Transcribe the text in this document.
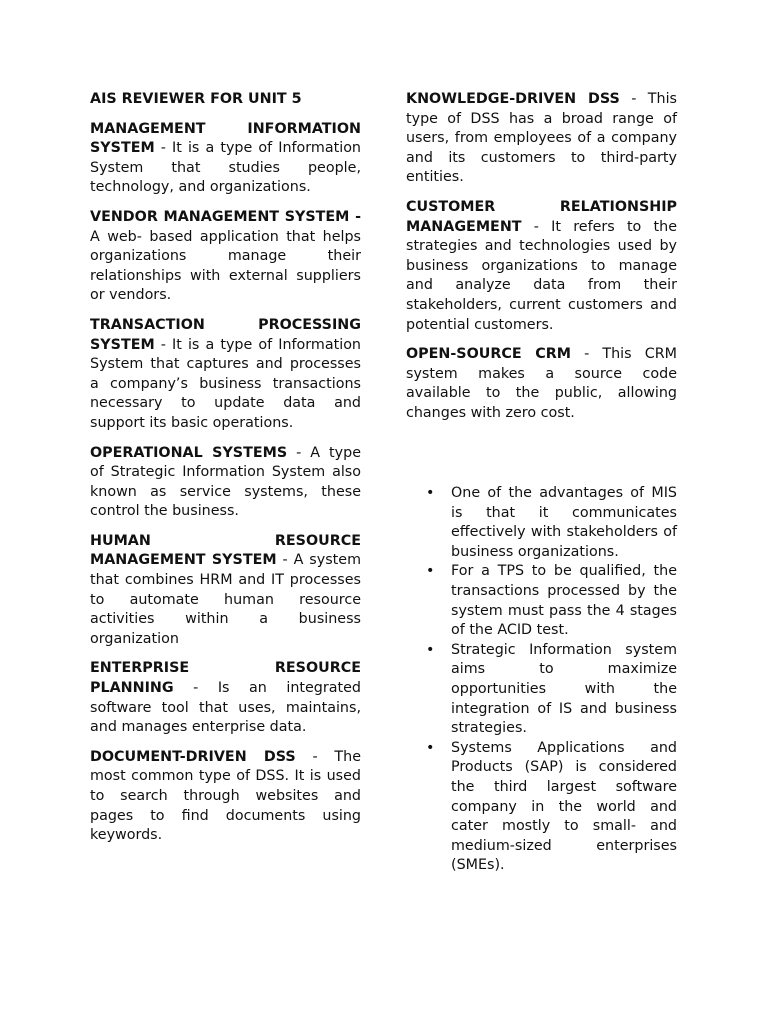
AIS REVIEWER FOR UNIT 5
MANAGEMENT INFORMATION SYSTEM - It is a type of Information System that studies people, technology, and organizations.
VENDOR MANAGEMENT SYSTEM - A web- based application that helps organizations manage their relationships with external suppliers or vendors.
TRANSACTION PROCESSING SYSTEM - It is a type of Information System that captures and processes a company’s business transactions necessary to update data and support its basic operations.
OPERATIONAL SYSTEMS - A type of Strategic Information System also known as service systems, these control the business.
HUMAN RESOURCE MANAGEMENT SYSTEM - A system that combines HRM and IT processes to automate human resource activities within a business organization
ENTERPRISE RESOURCE PLANNING - Is an integrated software tool that uses, maintains, and manages enterprise data.
DOCUMENT-DRIVEN DSS - The most common type of DSS. It is used to search through websites and pages to find documents using keywords.
KNOWLEDGE-DRIVEN DSS - This type of DSS has a broad range of users, from employees of a company and its customers to third-party entities.
CUSTOMER RELATIONSHIP MANAGEMENT - It refers to the strategies and technologies used by business organizations to manage and analyze data from their stakeholders, current customers and potential customers.
OPEN-SOURCE CRM - This CRM system makes a source code available to the public, allowing changes with zero cost.
• One of the advantages of MIS is that it communicates effectively with stakeholders of business organizations.
• For a TPS to be qualified, the transactions processed by the system must pass the 4 stages of the ACID test.
• Strategic Information system aims to maximize opportunities with the integration of IS and business strategies.
• Systems Applications and Products (SAP) is considered the third largest software company in the world and cater mostly to small- and medium-sized enterprises (SMEs).
